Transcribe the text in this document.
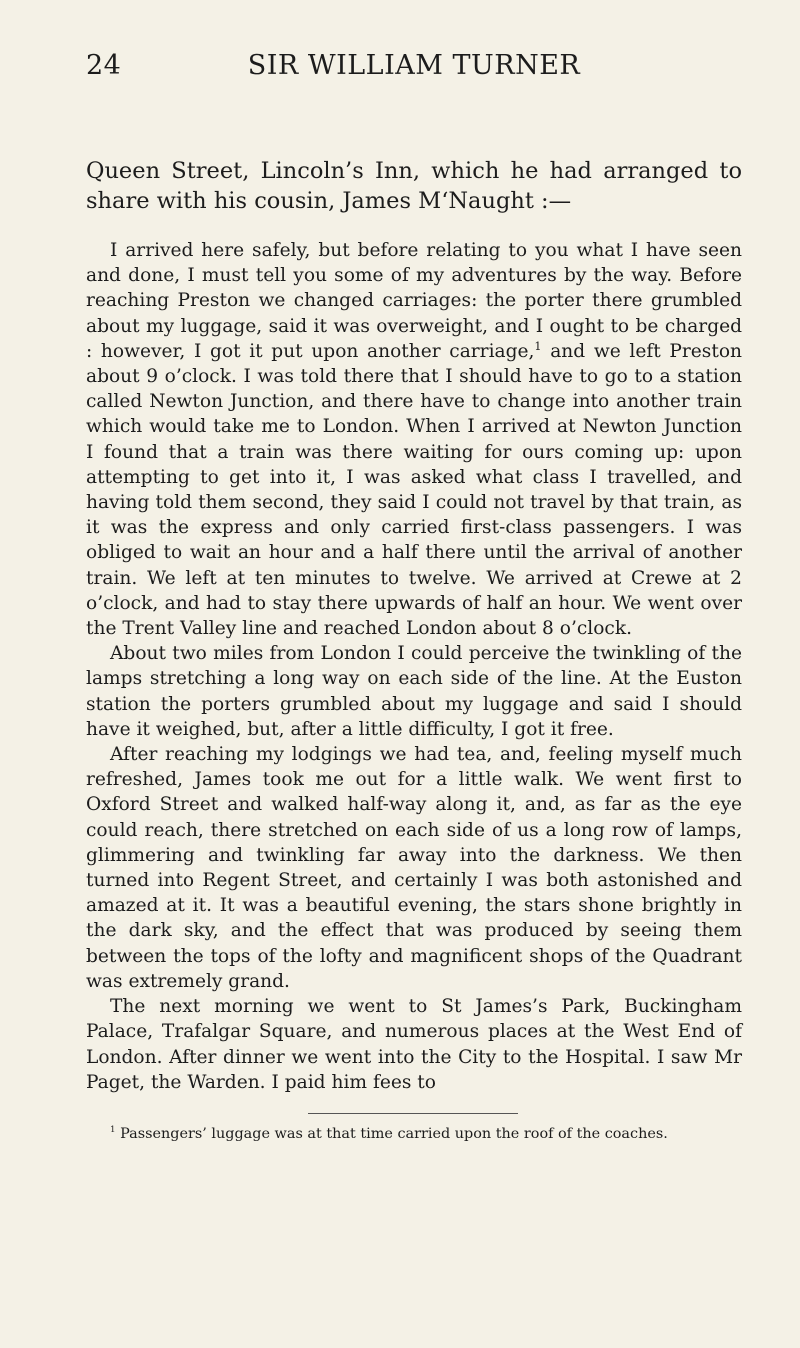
24	SIR WILLIAM TURNER
Queen Street, Lincoln’s Inn, which he had arranged to share with his cousin, James M‘Naught :—

I arrived here safely, but before relating to you what I have seen and done, I must tell you some of my adventures by the way. Before reaching Preston we changed carriages: the porter there grumbled about my luggage, said it was overweight, and I ought to be charged : however, I got it put upon another carriage,$^1$ and we left Preston about 9 o’clock. I was told there that I should have to go to a station called Newton Junction, and there have to change into another train which would take me to London. When I arrived at Newton Junction I found that a train was there waiting for ours coming up: upon attempting to get into it, I was asked what class I travelled, and having told them second, they said I could not travel by that train, as it was the express and only carried first-class passengers. I was obliged to wait an hour and a half there until the arrival of another train. We left at ten minutes to twelve. We arrived at Crewe at 2 o’clock, and had to stay there upwards of half an hour. We went over the Trent Valley line and reached London about 8 o’clock.

About two miles from London I could perceive the twinkling of the lamps stretching a long way on each side of the line. At the Euston station the porters grumbled about my luggage and said I should have it weighed, but, after a little difficulty, I got it free.

After reaching my lodgings we had tea, and, feeling myself much refreshed, James took me out for a little walk. We went first to Oxford Street and walked half-way along it, and, as far as the eye could reach, there stretched on each side of us a long row of lamps, glimmering and twinkling far away into the darkness. We then turned into Regent Street, and certainly I was both astonished and amazed at it. It was a beautiful evening, the stars shone brightly in the dark sky, and the effect that was produced by seeing them between the tops of the lofty and magnificent shops of the Quadrant was extremely grand.

The next morning we went to St James’s Park, Buckingham Palace, Trafalgar Square, and numerous places at the West End of London. After dinner we went into the City to the Hospital. I saw Mr Paget, the Warden. I paid him fees to

$^1$ Passengers’ luggage was at that time carried upon the roof of the coaches.
